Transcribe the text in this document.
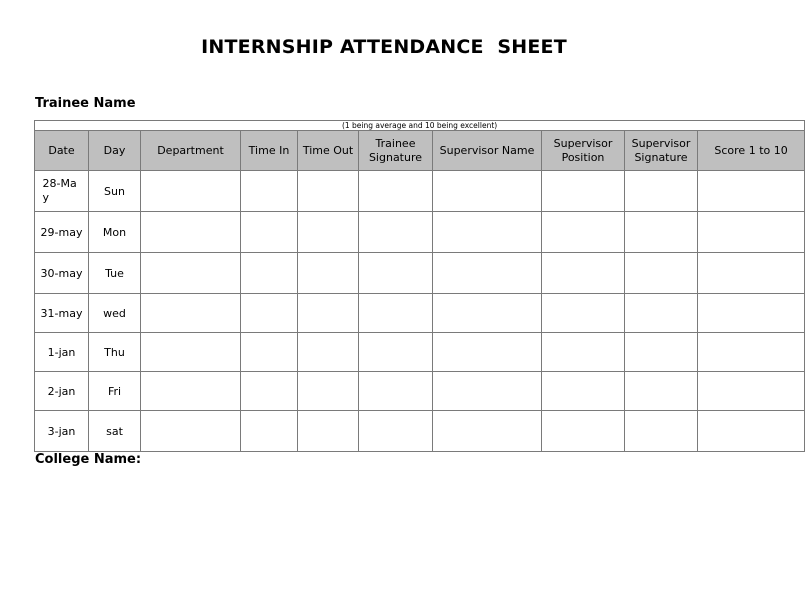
INTERNSHIP ATTENDANCE  SHEET
Trainee Name
(1 being average and 10 being excellent)									
Date	Day	Department	Time In	Time Out	Trainee Signature	Supervisor Name	Supervisor Position	Supervisor Signature	Score 1 to 10

28-May	Sun								
29-may	Mon								
30-may	Tue								
31-may	wed								
1-jan	Thu								
2-jan	Fri								
3-jan	sat								
College Name:
